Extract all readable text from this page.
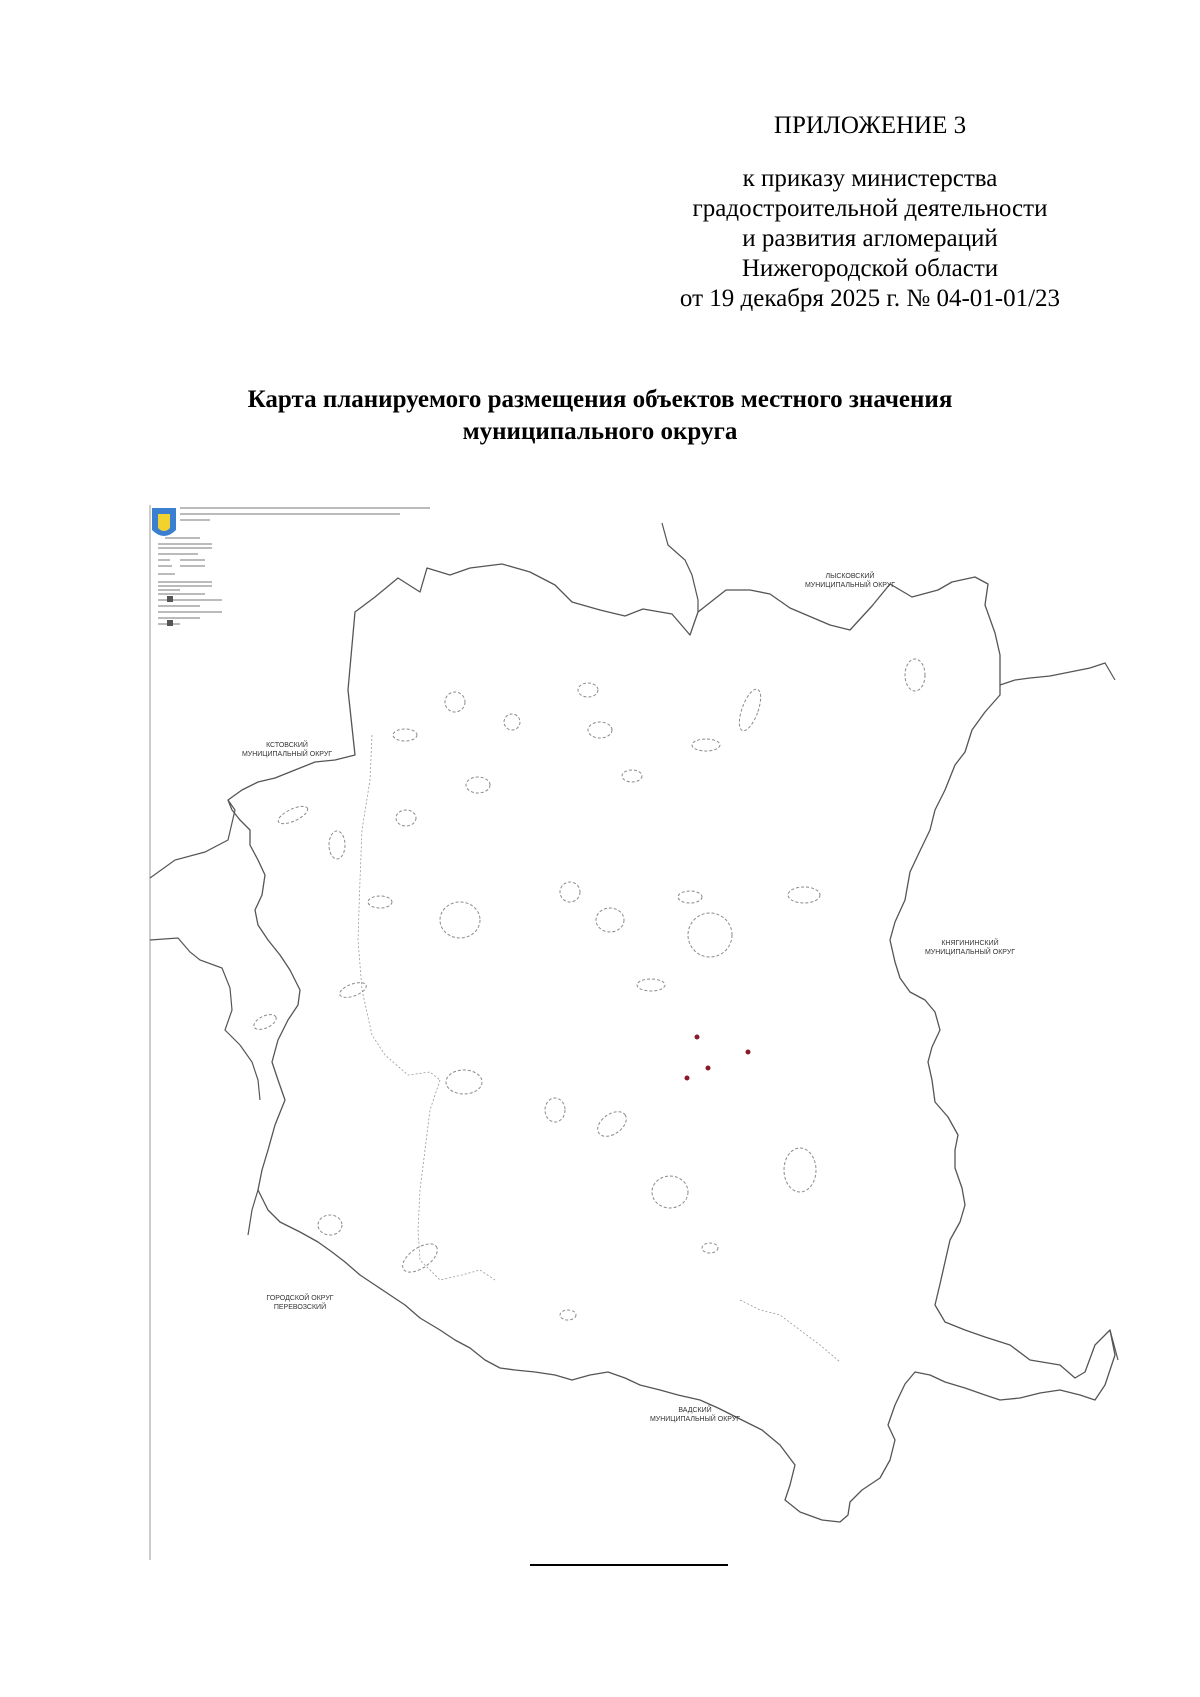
ПРИЛОЖЕНИЕ 3
к приказу министерства
градостроительной деятельности
и развития агломераций
Нижегородской области
от 19 декабря 2025 г. № 04-01-01/23
Карта планируемого размещения объектов местного значения
муниципального округа
ЛЫСКОВСКИЙ
МУНИЦИПАЛЬНЫЙ ОКРУГ
КСТОВСКИЙ
МУНИЦИПАЛЬНЫЙ ОКРУГ
КНЯГИНИНСКИЙ
МУНИЦИПАЛЬНЫЙ ОКРУГ
ГОРОДСКОЙ ОКРУГ
ПЕРЕВОЗСКИЙ
ВАДСКИЙ
МУНИЦИПАЛЬНЫЙ ОКРУГ
